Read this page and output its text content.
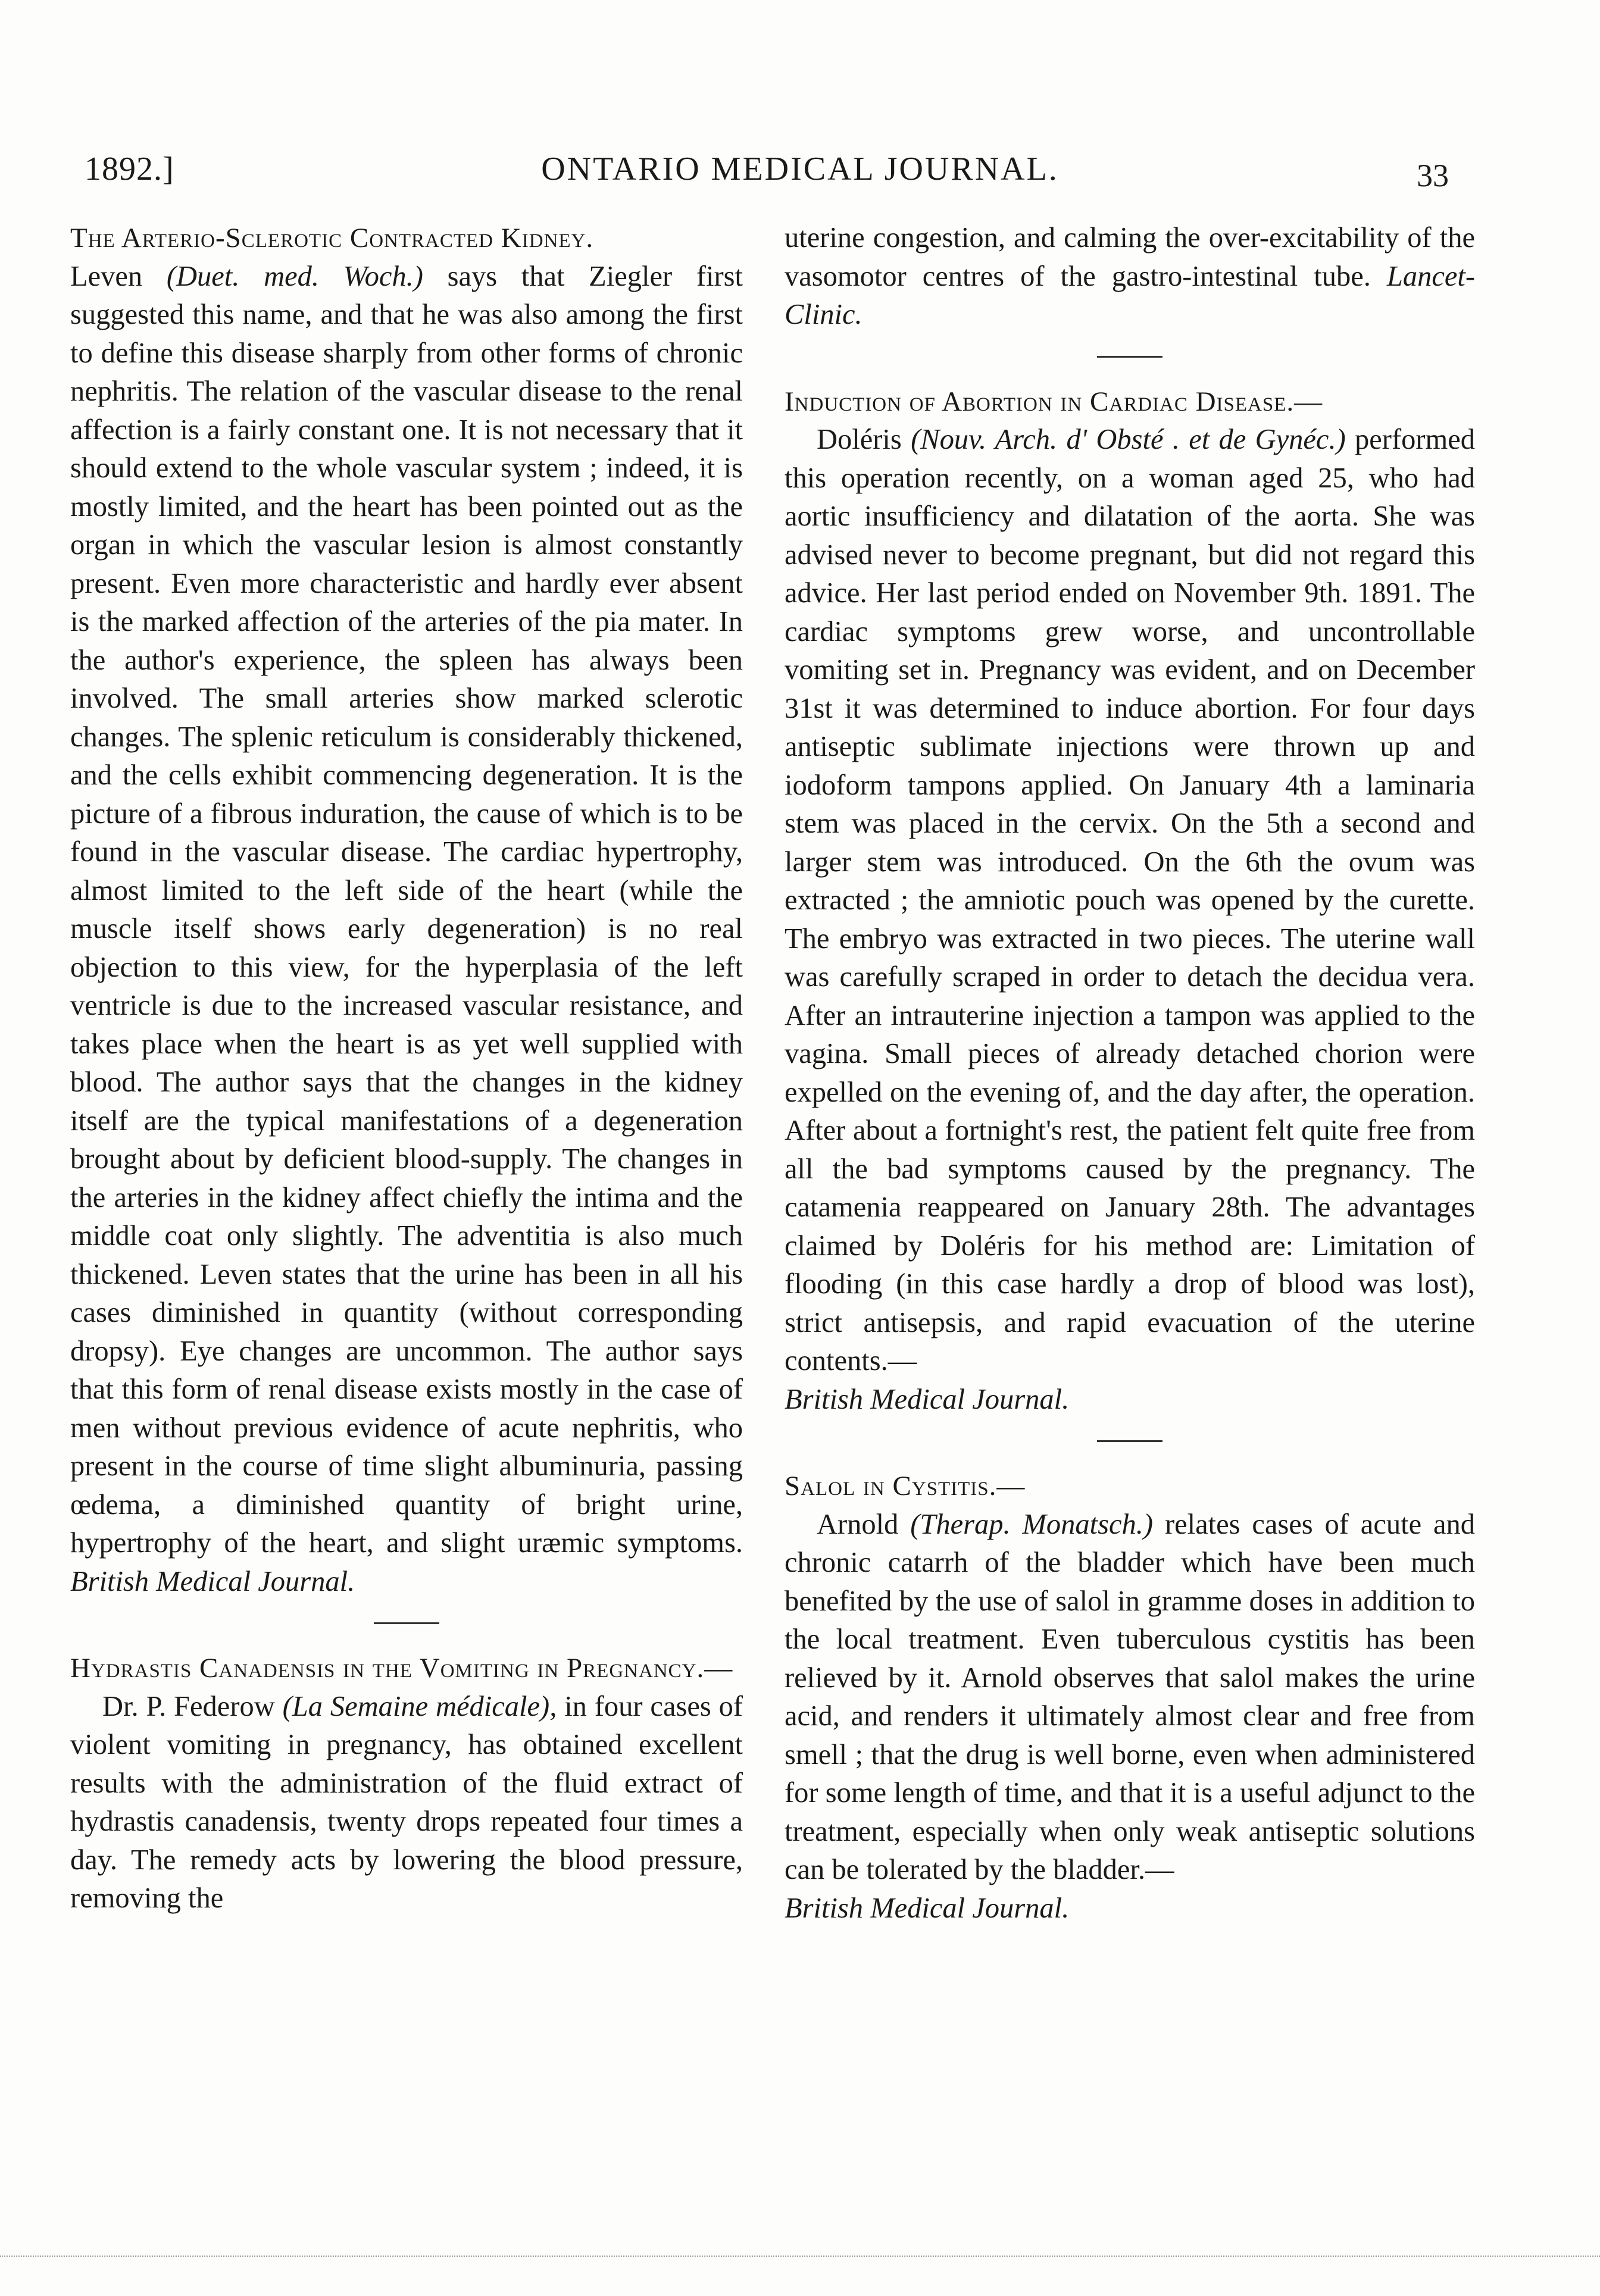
1892.]	ONTARIO MEDICAL JOURNAL.	33

The Arterio-Sclerotic Contracted Kidney.

Leven (Duet. med. Woch.) says that Ziegler first suggested this name, and that he was also among the first to define this disease sharply from other forms of chronic nephritis. The relation of the vascular disease to the renal affection is a fairly constant one. It is not necessary that it should extend to the whole vascular system ; indeed, it is mostly limited, and the heart has been pointed out as the organ in which the vascular lesion is almost constantly present. Even more characteristic and hardly ever absent is the marked affection of the arteries of the pia mater. In the author's experience, the spleen has always been involved. The small arteries show marked sclerotic changes. The splenic reticulum is considerably thickened, and the cells exhibit commencing degeneration. It is the picture of a fibrous induration, the cause of which is to be found in the vascular disease. The cardiac hypertrophy, almost limited to the left side of the heart (while the muscle itself shows early degeneration) is no real objection to this view, for the hyperplasia of the left ventricle is due to the increased vascular resistance, and takes place when the heart is as yet well supplied with blood. The author says that the changes in the kidney itself are the typical manifestations of a degeneration brought about by deficient blood-supply. The changes in the arteries in the kidney affect chiefly the intima and the middle coat only slightly. The adventitia is also much thickened. Leven states that the urine has been in all his cases diminished in quantity (without corresponding dropsy). Eye changes are uncommon. The author says that this form of renal disease exists mostly in the case of men without previous evidence of acute nephritis, who present in the course of time slight albuminuria, passing œdema, a diminished quantity of bright urine, hypertrophy of the heart, and slight uræmic symptoms. British Medical Journal.

Hydrastis Canadensis in the Vomiting in Pregnancy.—

Dr. P. Federow (La Semaine médicale), in four cases of violent vomiting in pregnancy, has obtained excellent results with the administration of the fluid extract of hydrastis canadensis, twenty drops repeated four times a day. The remedy acts by lowering the blood pressure, removing the

uterine congestion, and calming the over-excitability of the vasomotor centres of the gastro-intestinal tube. Lancet-Clinic.

Induction of Abortion in Cardiac Disease.—

Doléris (Nouv. Arch. d' Obsté . et de Gynéc.) performed this operation recently, on a woman aged 25, who had aortic insufficiency and dilatation of the aorta. She was advised never to become pregnant, but did not regard this advice. Her last period ended on November 9th. 1891. The cardiac symptoms grew worse, and uncontrollable vomiting set in. Pregnancy was evident, and on December 31st it was determined to induce abortion. For four days antiseptic sublimate injections were thrown up and iodoform tampons applied. On January 4th a laminaria stem was placed in the cervix. On the 5th a second and larger stem was introduced. On the 6th the ovum was extracted ; the amniotic pouch was opened by the curette. The embryo was extracted in two pieces. The uterine wall was carefully scraped in order to detach the decidua vera. After an intrauterine injection a tampon was applied to the vagina. Small pieces of already detached chorion were expelled on the evening of, and the day after, the operation. After about a fortnight's rest, the patient felt quite free from all the bad symptoms caused by the pregnancy. The catamenia reappeared on January 28th. The advantages claimed by Doléris for his method are: Limitation of flooding (in this case hardly a drop of blood was lost), strict antisepsis, and rapid evacuation of the uterine contents.—

British Medical Journal.

Salol in Cystitis.—

Arnold (Therap. Monatsch.) relates cases of acute and chronic catarrh of the bladder which have been much benefited by the use of salol in gramme doses in addition to the local treatment. Even tuberculous cystitis has been relieved by it. Arnold observes that salol makes the urine acid, and renders it ultimately almost clear and free from smell ; that the drug is well borne, even when administered for some length of time, and that it is a useful adjunct to the treatment, especially when only weak antiseptic solutions can be tolerated by the bladder.—

British Medical Journal.
